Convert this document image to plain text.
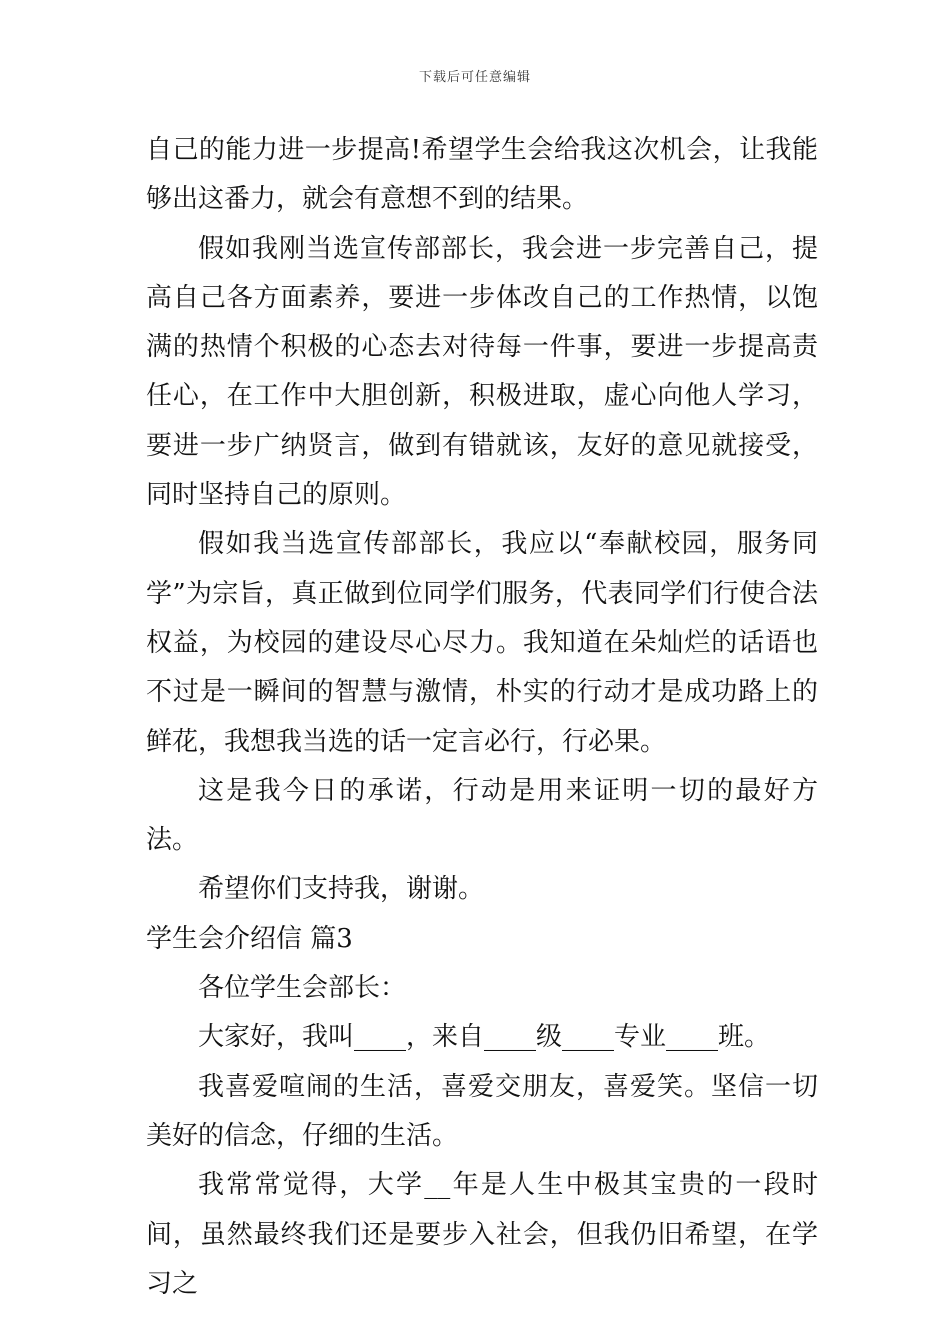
下载后可任意编辑

自己的能力进一步提高!希望学生会给我这次机会，让我能够出这番力，就会有意想不到的结果。

假如我刚当选宣传部部长，我会进一步完善自己，提高自己各方面素养，要进一步体改自己的工作热情，以饱满的热情个积极的心态去对待每一件事，要进一步提高责任心，在工作中大胆创新，积极进取，虚心向他人学习，要进一步广纳贤言，做到有错就该，友好的意见就接受，同时坚持自己的原则。

假如我当选宣传部部长，我应以“奉献校园，服务同学”为宗旨，真正做到位同学们服务，代表同学们行使合法权益，为校园的建设尽心尽力。我知道在朵灿烂的话语也不过是一瞬间的智慧与激情，朴实的行动才是成功路上的鲜花，我想我当选的话一定言必行，行必果。

这是我今日的承诺，行动是用来证明一切的最好方法。

希望你们支持我，谢谢。

学生会介绍信 篇3

各位学生会部长：

大家好，我叫____，来自____级____专业____班。

我喜爱喧闹的生活，喜爱交朋友，喜爱笑。坚信一切美好的信念，仔细的生活。

我常常觉得，大学__年是人生中极其宝贵的一段时间，虽然最终我们还是要步入社会，但我仍旧希望，在学习之
